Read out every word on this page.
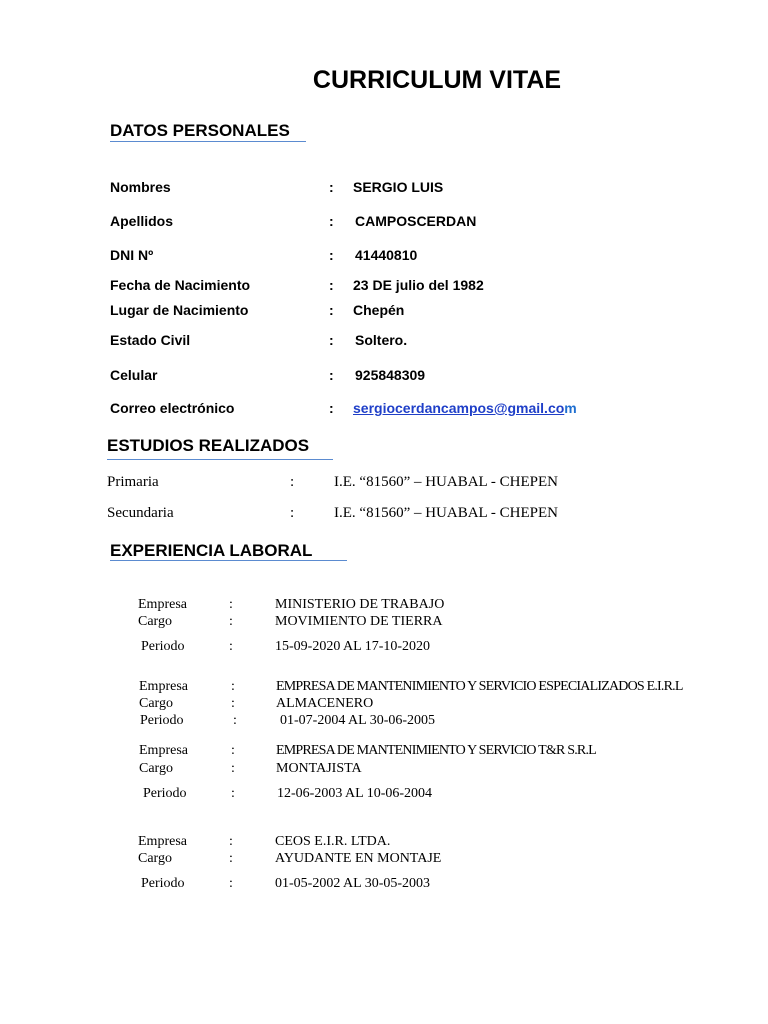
CURRICULUM VITAE
DATOS PERSONALES
Nombres	: SERGIO LUIS
Apellidos	: CAMPOSCERDAN
DNI Nº	: 41440810
Fecha de Nacimiento	: 23 DE julio del 1982
Lugar de Nacimiento	: Chepén
Estado Civil	: Soltero.
Celular	: 925848309
Correo electrónico	: sergiocerdancampos@gmail.com
ESTUDIOS REALIZADOS
Primaria	:	I.E. “81560” – HUABAL - CHEPEN
Secundaria	:	I.E. “81560” – HUABAL - CHEPEN
EXPERIENCIA LABORAL
Empresa	:	MINISTERIO DE TRABAJO
Cargo	:	MOVIMIENTO DE TIERRA
Periodo	:	15-09-2020 AL 17-10-2020
Empresa	:	EMPRESA DE MANTENIMIENTO Y SERVICIO ESPECIALIZADOS E.I.R.L
Cargo	:	ALMACENERO
Periodo	:	01-07-2004 AL 30-06-2005
Empresa	:	EMPRESA DE MANTENIMIENTO Y SERVICIO T&R S.R.L
Cargo	:	MONTAJISTA
Periodo	:	12-06-2003 AL 10-06-2004
Empresa	:	CEOS E.I.R. LTDA.
Cargo	:	AYUDANTE EN MONTAJE
Periodo	:	01-05-2002 AL 30-05-2003
